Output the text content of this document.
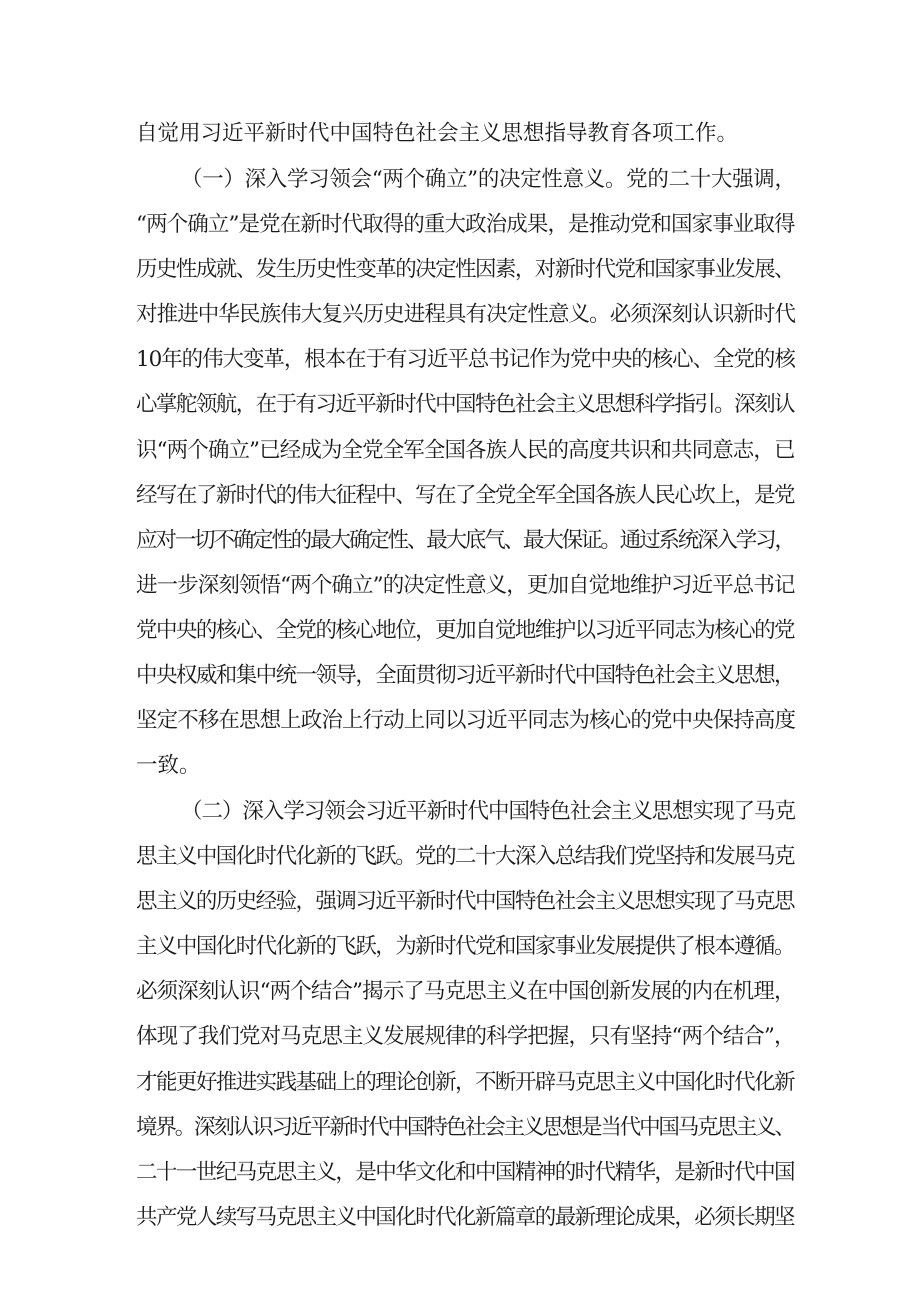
自觉用习近平新时代中国特色社会主义思想指导教育各项工作。
（一）深入学习领会“两个确立”的决定性意义。党的二十大强调，
“两个确立”是党在新时代取得的重大政治成果，是推动党和国家事业取得
历史性成就、发生历史性变革的决定性因素，对新时代党和国家事业发展、
对推进中华民族伟大复兴历史进程具有决定性意义。必须深刻认识新时代
10年的伟大变革，根本在于有习近平总书记作为党中央的核心、全党的核
心掌舵领航，在于有习近平新时代中国特色社会主义思想科学指引。深刻认
识“两个确立”已经成为全党全军全国各族人民的高度共识和共同意志，已
经写在了新时代的伟大征程中、写在了全党全军全国各族人民心坎上，是党
应对一切不确定性的最大确定性、最大底气、最大保证。通过系统深入学习，
进一步深刻领悟“两个确立”的决定性意义，更加自觉地维护习近平总书记
党中央的核心、全党的核心地位，更加自觉地维护以习近平同志为核心的党
中央权威和集中统一领导，全面贯彻习近平新时代中国特色社会主义思想，
坚定不移在思想上政治上行动上同以习近平同志为核心的党中央保持高度
一致。
（二）深入学习领会习近平新时代中国特色社会主义思想实现了马克
思主义中国化时代化新的飞跃。党的二十大深入总结我们党坚持和发展马克
思主义的历史经验，强调习近平新时代中国特色社会主义思想实现了马克思
主义中国化时代化新的飞跃，为新时代党和国家事业发展提供了根本遵循。
必须深刻认识“两个结合”揭示了马克思主义在中国创新发展的内在机理，
体现了我们党对马克思主义发展规律的科学把握，只有坚持“两个结合”，
才能更好推进实践基础上的理论创新，不断开辟马克思主义中国化时代化新
境界。深刻认识习近平新时代中国特色社会主义思想是当代中国马克思主义、
二十一世纪马克思主义，是中华文化和中国精神的时代精华，是新时代中国
共产党人续写马克思主义中国化时代化新篇章的最新理论成果，必须长期坚
